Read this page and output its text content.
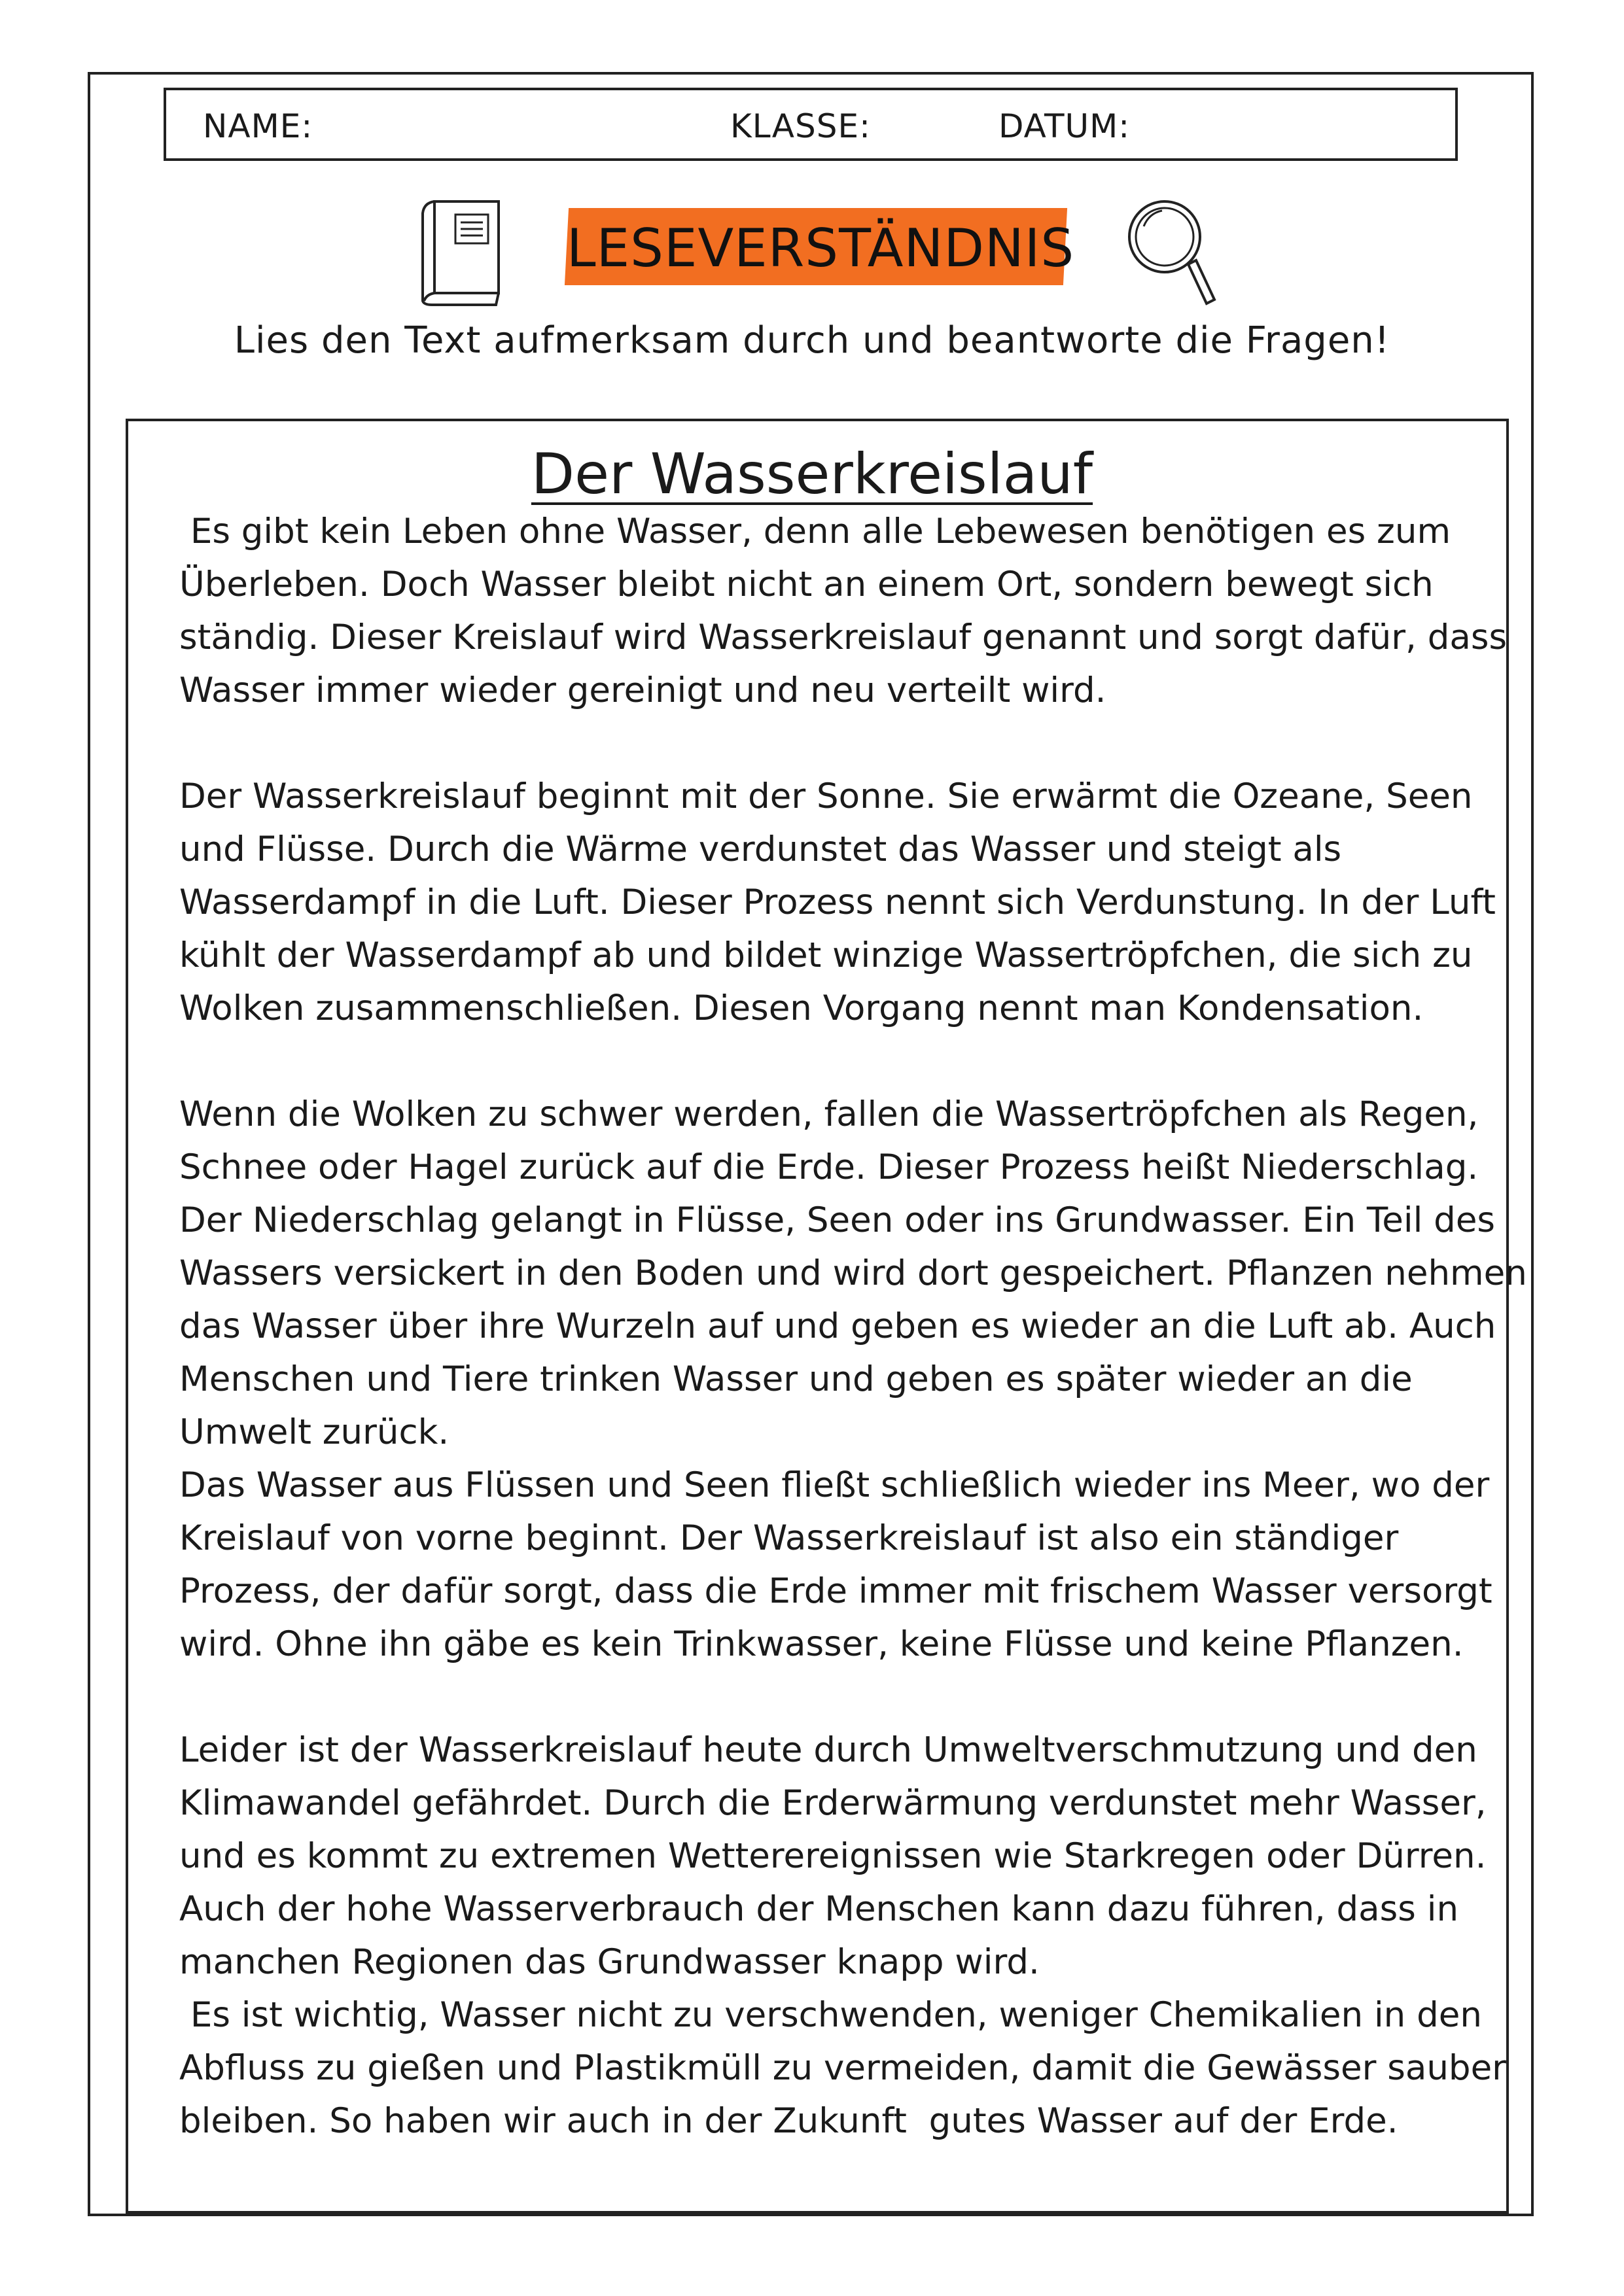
NAME:	KLASSE:	DATUM:
LESEVERSTÄNDNIS
Lies den Text aufmerksam durch und beantworte die Fragen!
Der Wasserkreislauf
Es gibt kein Leben ohne Wasser, denn alle Lebewesen benötigen es zum
Überleben. Doch Wasser bleibt nicht an einem Ort, sondern bewegt sich
ständig. Dieser Kreislauf wird Wasserkreislauf genannt und sorgt dafür, dass
Wasser immer wieder gereinigt und neu verteilt wird.
Der Wasserkreislauf beginnt mit der Sonne. Sie erwärmt die Ozeane, Seen
und Flüsse. Durch die Wärme verdunstet das Wasser und steigt als
Wasserdampf in die Luft. Dieser Prozess nennt sich Verdunstung. In der Luft
kühlt der Wasserdampf ab und bildet winzige Wassertröpfchen, die sich zu
Wolken zusammenschließen. Diesen Vorgang nennt man Kondensation.
Wenn die Wolken zu schwer werden, fallen die Wassertröpfchen als Regen,
Schnee oder Hagel zurück auf die Erde. Dieser Prozess heißt Niederschlag.
Der Niederschlag gelangt in Flüsse, Seen oder ins Grundwasser. Ein Teil des
Wassers versickert in den Boden und wird dort gespeichert. Pflanzen nehmen
das Wasser über ihre Wurzeln auf und geben es wieder an die Luft ab. Auch
Menschen und Tiere trinken Wasser und geben es später wieder an die
Umwelt zurück.
Das Wasser aus Flüssen und Seen fließt schließlich wieder ins Meer, wo der
Kreislauf von vorne beginnt. Der Wasserkreislauf ist also ein ständiger
Prozess, der dafür sorgt, dass die Erde immer mit frischem Wasser versorgt
wird. Ohne ihn gäbe es kein Trinkwasser, keine Flüsse und keine Pflanzen.
Leider ist der Wasserkreislauf heute durch Umweltverschmutzung und den
Klimawandel gefährdet. Durch die Erderwärmung verdunstet mehr Wasser,
und es kommt zu extremen Wetterereignissen wie Starkregen oder Dürren.
Auch der hohe Wasserverbrauch der Menschen kann dazu führen, dass in
manchen Regionen das Grundwasser knapp wird.
Es ist wichtig, Wasser nicht zu verschwenden, weniger Chemikalien in den
Abfluss zu gießen und Plastikmüll zu vermeiden, damit die Gewässer sauber
bleiben. So haben wir auch in der Zukunft  gutes Wasser auf der Erde.
